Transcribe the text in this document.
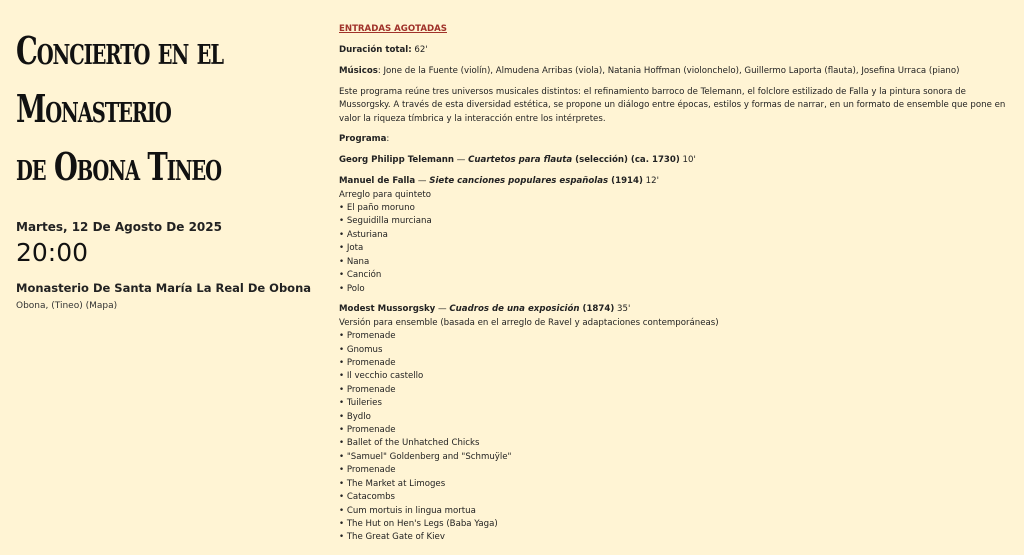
Concierto en el Monasterio
de Obona Tineo
Martes, 12 De Agosto De 2025
20:00
Monasterio De Santa María La Real De Obona
Obona, (Tineo) (Mapa)
ENTRADAS AGOTADAS
Duración total: 62'
Músicos: Jone de la Fuente (violín), Almudena Arribas (viola), Natania Hoffman (violonchelo), Guillermo Laporta (flauta), Josefina Urraca (piano)
Este programa reúne tres universos musicales distintos: el refinamiento barroco de Telemann, el folclore estilizado de Falla y la pintura sonora de Mussorgsky. A través de esta diversidad estética, se propone un diálogo entre épocas, estilos y formas de narrar, en un formato de ensemble que pone en valor la riqueza tímbrica y la interacción entre los intérpretes.
Programa:
Georg Philipp Telemann — Cuartetos para flauta (selección) (ca. 1730) 10'
Manuel de Falla — Siete canciones populares españolas (1914) 12'
Arreglo para quinteto
• El paño moruno
• Seguidilla murciana
• Asturiana
• Jota
• Nana
• Canción
• Polo
Modest Mussorgsky — Cuadros de una exposición (1874) 35'
Versión para ensemble (basada en el arreglo de Ravel y adaptaciones contemporáneas)
• Promenade
• Gnomus
• Promenade
• Il vecchio castello
• Promenade
• Tuileries
• Bydlo
• Promenade
• Ballet of the Unhatched Chicks
• "Samuel" Goldenberg and "Schmuÿle"
• Promenade
• The Market at Limoges
• Catacombs
• Cum mortuis in lingua mortua
• The Hut on Hen's Legs (Baba Yaga)
• The Great Gate of Kiev
